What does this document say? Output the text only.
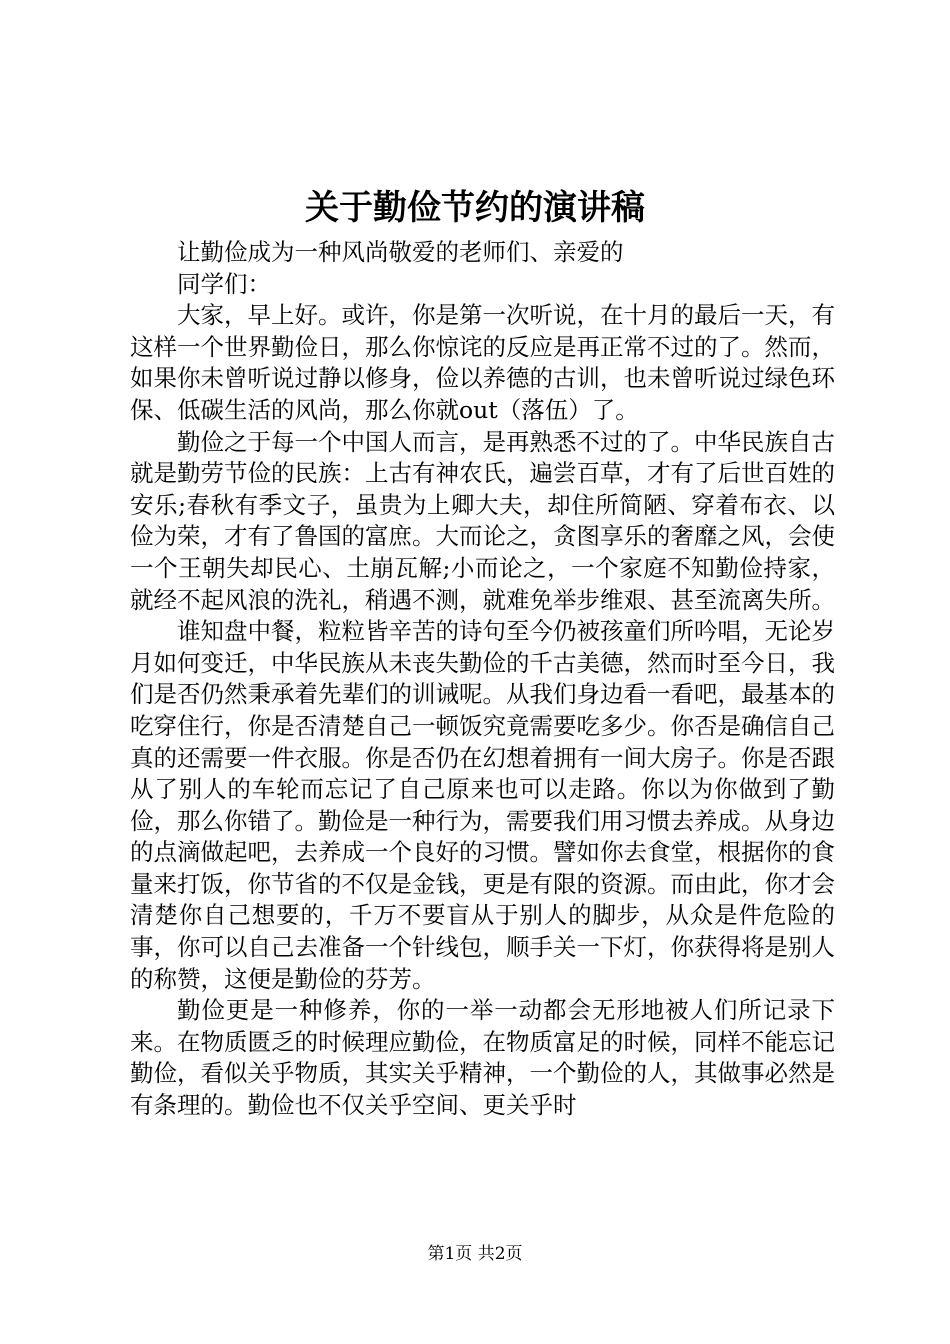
关于勤俭节约的演讲稿

让勤俭成为一种风尚敬爱的老师们、亲爱的

同学们：

大家，早上好。或许，你是第一次听说，在十月的最后一天，有这样一个世界勤俭日，那么你惊诧的反应是再正常不过的了。然而，如果你未曾听说过静以修身，俭以养德的古训，也未曾听说过绿色环保、低碳生活的风尚，那么你就out（落伍）了。

勤俭之于每一个中国人而言，是再熟悉不过的了。中华民族自古就是勤劳节俭的民族：上古有神农氏，遍尝百草，才有了后世百姓的安乐;春秋有季文子，虽贵为上卿大夫，却住所简陋、穿着布衣、以俭为荣，才有了鲁国的富庶。大而论之，贪图享乐的奢靡之风，会使一个王朝失却民心、土崩瓦解;小而论之，一个家庭不知勤俭持家，就经不起风浪的洗礼，稍遇不测，就难免举步维艰、甚至流离失所。

谁知盘中餐，粒粒皆辛苦的诗句至今仍被孩童们所吟唱，无论岁月如何变迁，中华民族从未丧失勤俭的千古美德，然而时至今日，我们是否仍然秉承着先辈们的训诫呢。从我们身边看一看吧，最基本的吃穿住行，你是否清楚自己一顿饭究竟需要吃多少。你否是确信自己真的还需要一件衣服。你是否仍在幻想着拥有一间大房子。你是否跟从了别人的车轮而忘记了自己原来也可以走路。你以为你做到了勤俭，那么你错了。勤俭是一种行为，需要我们用习惯去养成。从身边的点滴做起吧，去养成一个良好的习惯。譬如你去食堂，根据你的食量来打饭，你节省的不仅是金钱，更是有限的资源。而由此，你才会清楚你自己想要的，千万不要盲从于别人的脚步，从众是件危险的事，你可以自己去准备一个针线包，顺手关一下灯，你获得将是别人的称赞，这便是勤俭的芬芳。

勤俭更是一种修养，你的一举一动都会无形地被人们所记录下来。在物质匮乏的时候理应勤俭，在物质富足的时候，同样不能忘记勤俭，看似关乎物质，其实关乎精神，一个勤俭的人，其做事必然是有条理的。勤俭也不仅关乎空间、更关乎时

第1页 共2页
